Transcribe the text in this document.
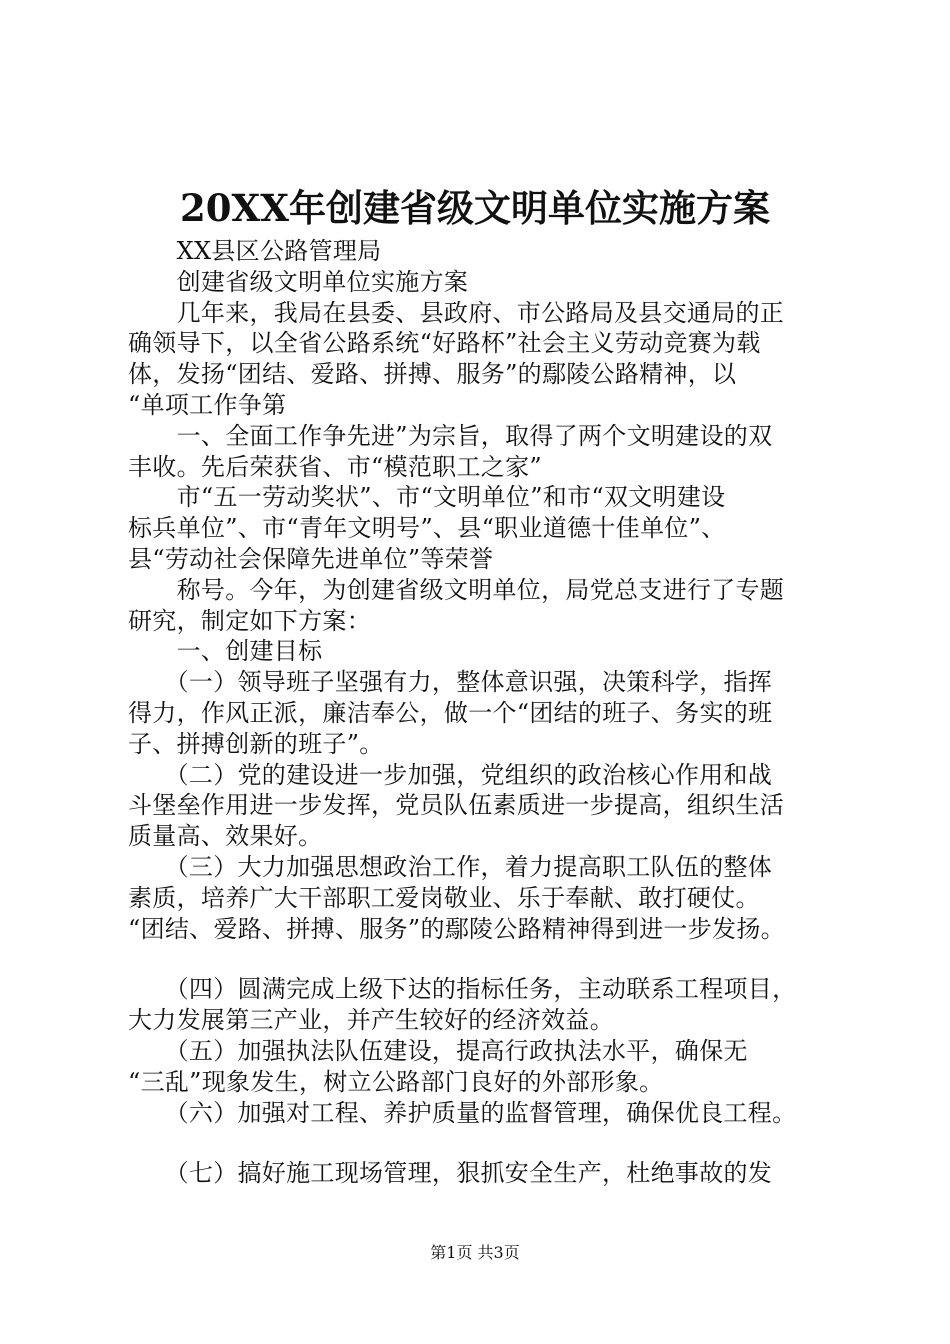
20XX年创建省级文明单位实施方案
　　XX县区公路管理局
　　创建省级文明单位实施方案
　　几年来，我局在县委、县政府、市公路局及县交通局的正
确领导下，以全省公路系统“好路杯”社会主义劳动竞赛为载
体，发扬“团结、爱路、拼搏、服务”的鄢陵公路精神，以
“单项工作争第
　　一、全面工作争先进”为宗旨，取得了两个文明建设的双
丰收。先后荣获省、市“模范职工之家”
　　市“五一劳动奖状”、市“文明单位”和市“双文明建设
标兵单位”、市“青年文明号”、县“职业道德十佳单位”、
县“劳动社会保障先进单位”等荣誉
　　称号。今年，为创建省级文明单位，局党总支进行了专题
研究，制定如下方案：
　　一、创建目标
　　（一）领导班子坚强有力，整体意识强，决策科学，指挥
得力，作风正派，廉洁奉公，做一个“团结的班子、务实的班
子、拼搏创新的班子”。
　　（二）党的建设进一步加强，党组织的政治核心作用和战
斗堡垒作用进一步发挥，党员队伍素质进一步提高，组织生活
质量高、效果好。
　　（三）大力加强思想政治工作，着力提高职工队伍的整体
素质，培养广大干部职工爱岗敬业、乐于奉献、敢打硬仗。
“团结、爱路、拼搏、服务”的鄢陵公路精神得到进一步发扬。
　　（四）圆满完成上级下达的指标任务，主动联系工程项目，
大力发展第三产业，并产生较好的经济效益。
　　（五）加强执法队伍建设，提高行政执法水平，确保无
“三乱”现象发生，树立公路部门良好的外部形象。
　　（六）加强对工程、养护质量的监督管理，确保优良工程。
　　（七）搞好施工现场管理，狠抓安全生产，杜绝事故的发
第1页 共3页
